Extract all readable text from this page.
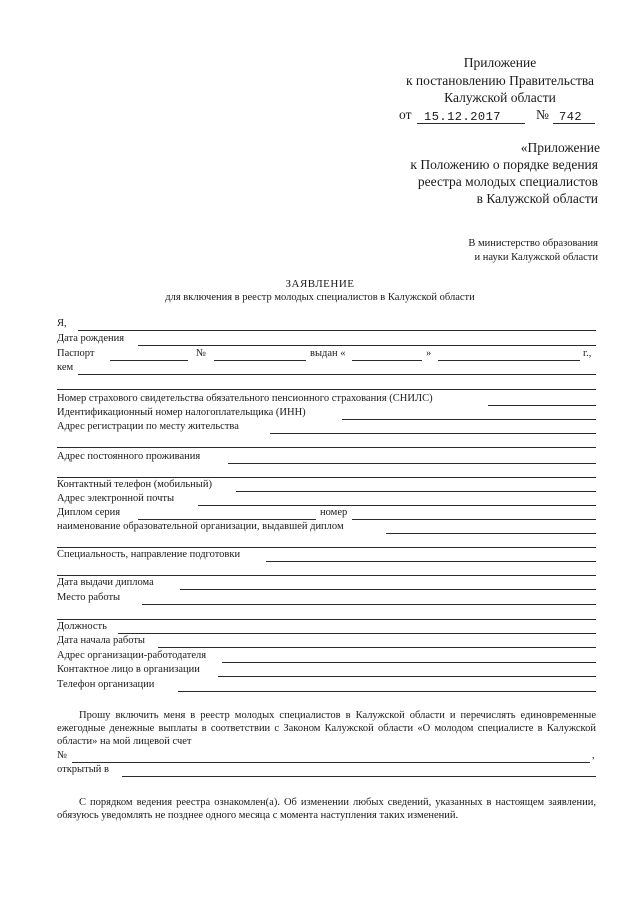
Приложение
к постановлению Правительства
Калужской области
от 15.12.2017	№ 742
«Приложение
к Положению о порядке ведения
реестра молодых специалистов
в Калужской области
В министерство образования
и науки Калужской области
ЗАЯВЛЕНИЕ
для включения в реестр молодых специалистов в Калужской области
Я,
Дата рождения
Паспорт	№	выдан «	»	г.,
кем
Номер страхового свидетельства обязательного пенсионного страхования (СНИЛС)
Идентификационный номер налогоплательщика (ИНН)
Адрес регистрации по месту жительства
Адрес постоянного проживания
Контактный телефон (мобильный)
Адрес электронной почты
Диплом серия	номер
наименование образовательной организации, выдавшей диплом
Специальность, направление подготовки
Дата выдачи диплома
Место работы
Должность
Дата начала работы
Адрес организации-работодателя
Контактное лицо в организации
Телефон организации
Прошу включить меня в реестр молодых специалистов в Калужской области и перечислять единовременные ежегодные денежные выплаты в соответствии с Законом Калужской области «О молодом специалисте в Калужской области» на мой лицевой счет
№	,
открытый в
С порядком ведения реестра ознакомлен(а). Об изменении любых сведений, указанных в настоящем заявлении, обязуюсь уведомлять не позднее одного месяца с момента наступления таких изменений.
